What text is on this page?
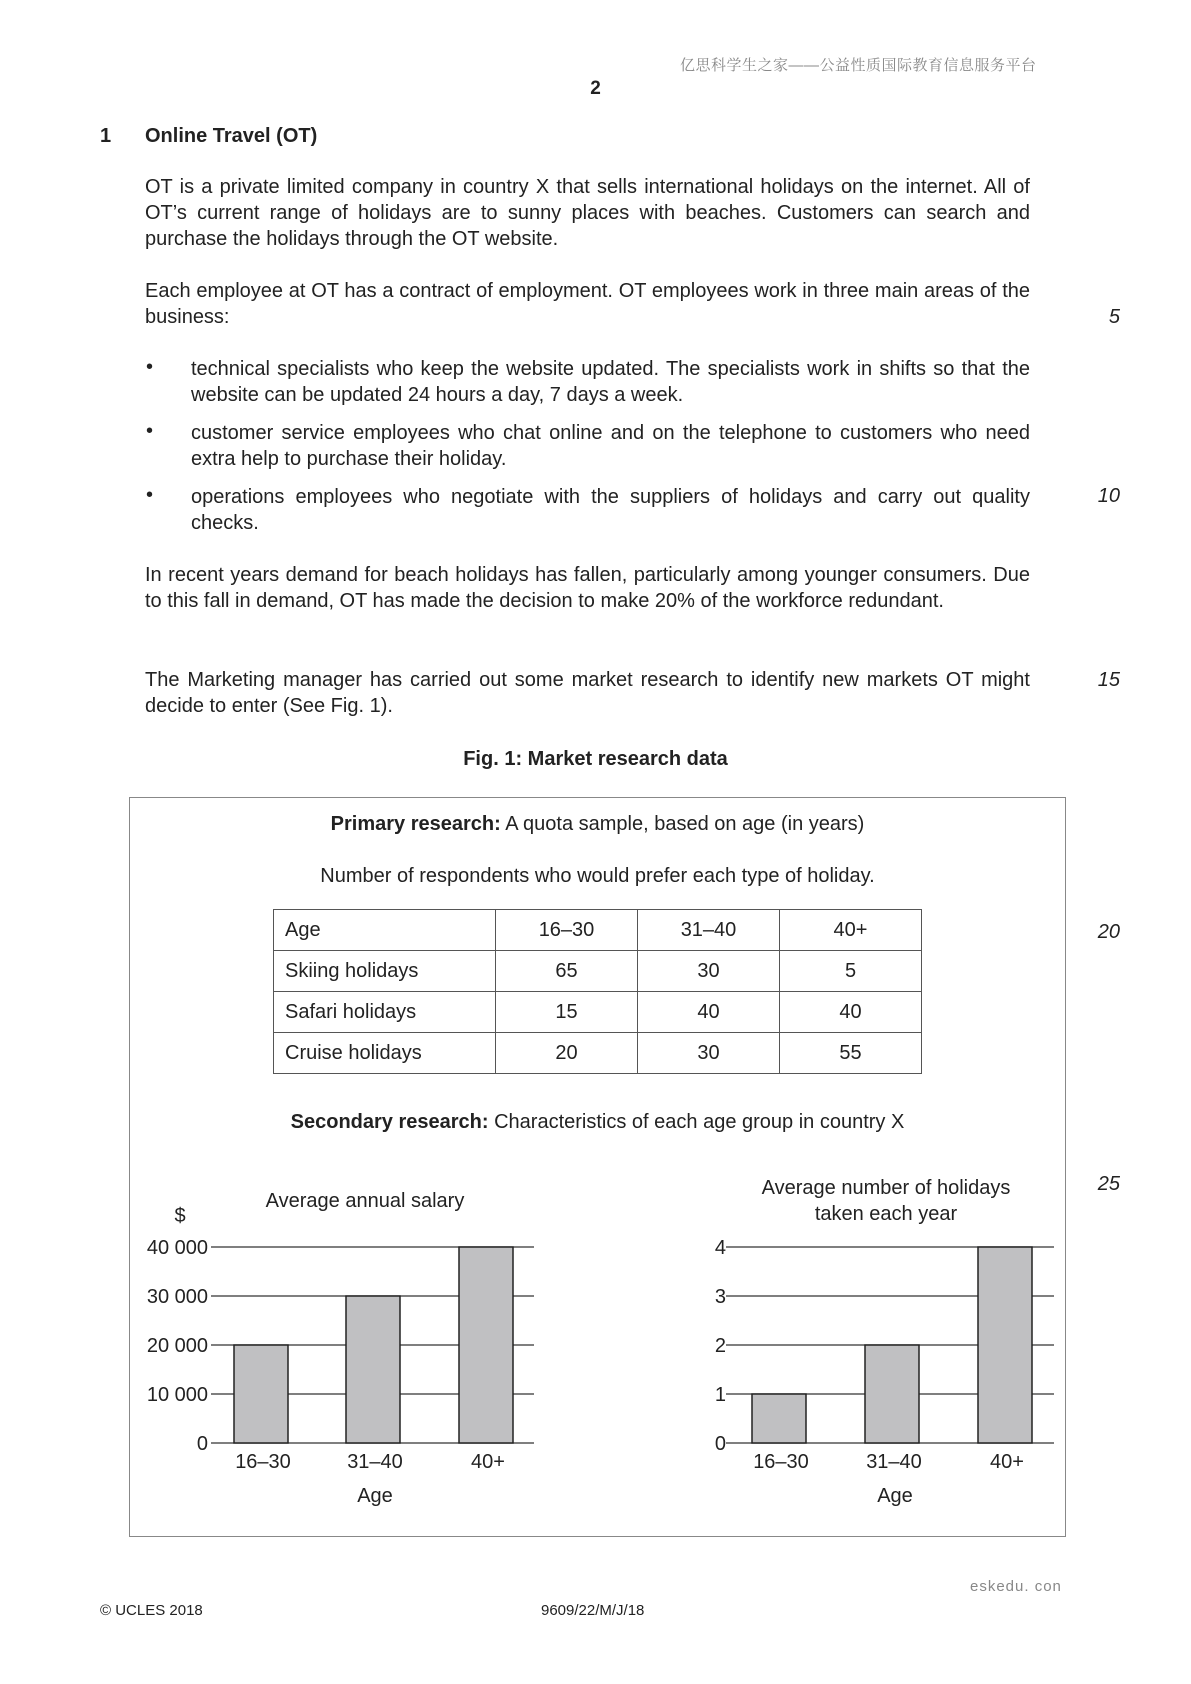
亿思科学生之家——公益性质国际教育信息服务平台
2
1 Online Travel (OT)

OT is a private limited company in country X that sells international holidays on the internet. All of OT’s current range of holidays are to sunny places with beaches. Customers can search and purchase the holidays through the OT website.

Each employee at OT has a contract of employment. OT employees work in three main areas of the business:

• technical specialists who keep the website updated. The specialists work in shifts so that the website can be updated 24 hours a day, 7 days a week.
• customer service employees who chat online and on the telephone to customers who need extra help to purchase their holiday.
• operations employees who negotiate with the suppliers of holidays and carry out quality checks.

In recent years demand for beach holidays has fallen, particularly among younger consumers. Due to this fall in demand, OT has made the decision to make 20% of the workforce redundant.

The Marketing manager has carried out some market research to identify new markets OT might decide to enter (See Fig. 1).

5
10
15
20
25
Fig. 1: Market research data
Primary research: A quota sample, based on age (in years)
Number of respondents who would prefer each type of holiday.
Age	16–30	31–40	40+
Skiing holidays	65	30	5
Safari holidays	15	40	40
Cruise holidays	20	30	55
Secondary research: Characteristics of each age group in country X
0
10 000
20 000
30 000
40 000
16–30	31–40	40+
Average annual salary
$
Age
0
1
2
3
4
16–30	31–40	40+
Average number of holidays
taken each year
Age
eskedu. con
© UCLES 2018	9609/22/M/J/18
